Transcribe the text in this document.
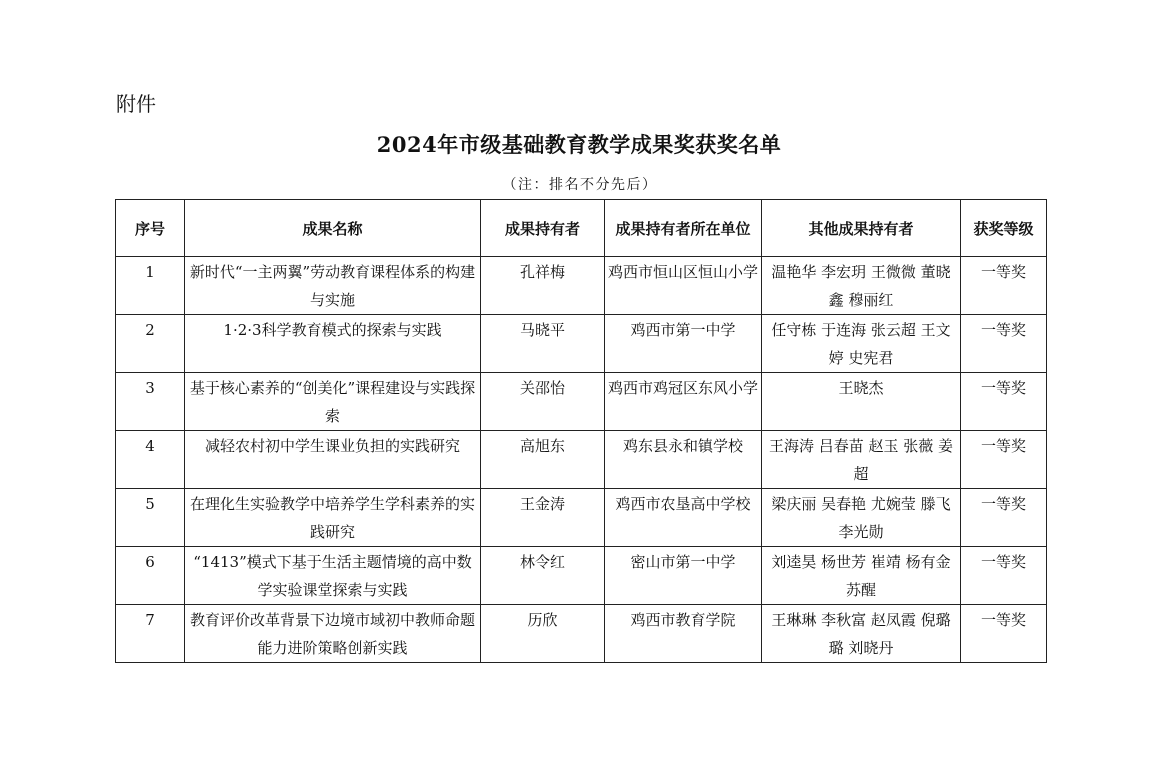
附件
2024年市级基础教育教学成果奖获奖名单
（注：排名不分先后）
序号	成果名称	成果持有者	成果持有者所在单位	其他成果持有者	获奖等级
1	新时代“一主两翼”劳动教育课程体系的构建与实施	孔祥梅	鸡西市恒山区恒山小学	温艳华 李宏玥 王微微 董晓鑫 穆丽红	一等奖
2	1·2·3科学教育模式的探索与实践	马晓平	鸡西市第一中学	任守栋 于连海 张云超 王文婷 史宪君	一等奖
3	基于核心素养的“创美化”课程建设与实践探索	关邵怡	鸡西市鸡冠区东风小学	王晓杰	一等奖
4	减轻农村初中学生课业负担的实践研究	高旭东	鸡东县永和镇学校	王海涛 吕春苗 赵玉 张薇 姜超	一等奖
5	在理化生实验教学中培养学生学科素养的实践研究	王金涛	鸡西市农垦高中学校	梁庆丽 吴春艳 尤婉莹 滕飞 李光勋	一等奖
6	“1413”模式下基于生活主题情境的高中数学实验课堂探索与实践	林令红	密山市第一中学	刘逵昊 杨世芳 崔靖 杨有金 苏醒	一等奖
7	教育评价改革背景下边境市域初中教师命题能力进阶策略创新实践	历欣	鸡西市教育学院	王琳琳 李秋富 赵凤霞 倪璐璐 刘晓丹	一等奖
